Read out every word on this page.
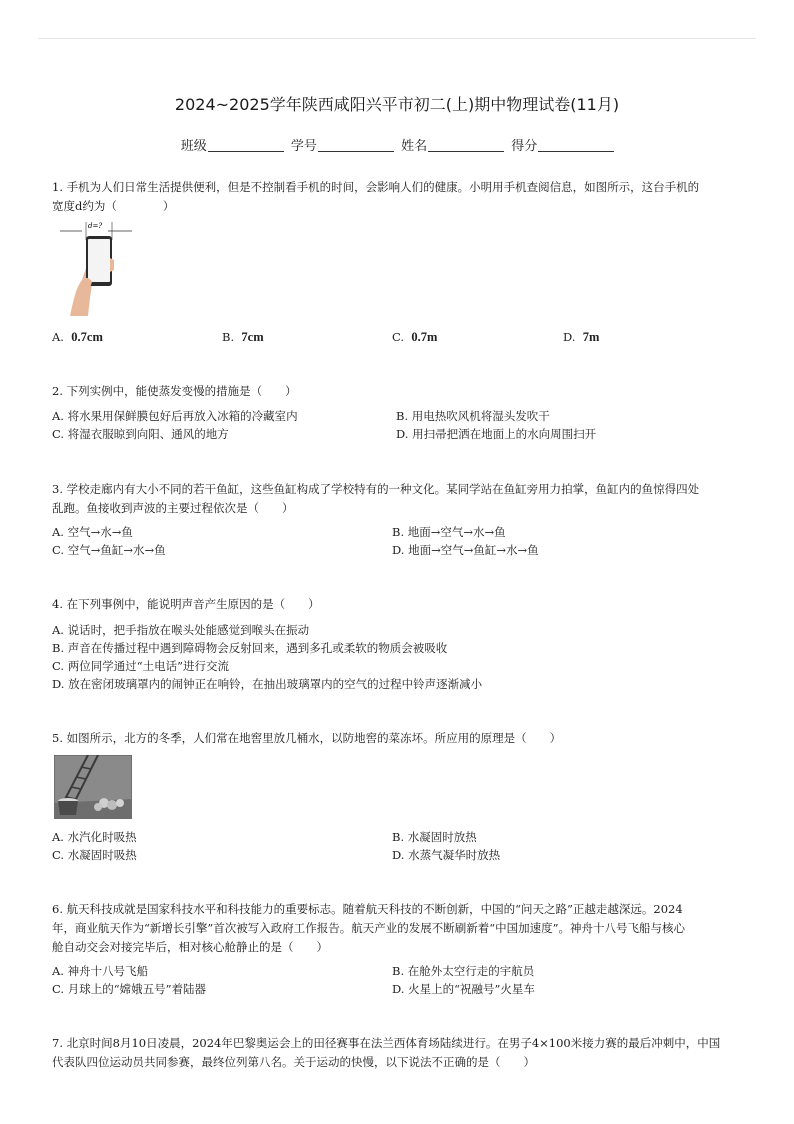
2024~2025学年陕西咸阳兴平市初二(上)期中物理试卷(11月)
班级	学号	姓名	得分
1. 手机为人们日常生活提供便利，但是不控制看手机的时间，会影响人们的健康。小明用手机查阅信息，如图所示，这台手机的
宽度d约为（　　　　）
d=?
A. 0.7cm	B. 7cm	C. 0.7m	D. 7m
2. 下列实例中，能使蒸发变慢的措施是（　　）
A. 将水果用保鲜膜包好后再放入冰箱的冷藏室内	B. 用电热吹风机将湿头发吹干
C. 将湿衣服晾到向阳、通风的地方	D. 用扫帚把洒在地面上的水向周围扫开
3. 学校走廊内有大小不同的若干鱼缸，这些鱼缸构成了学校特有的一种文化。某同学站在鱼缸旁用力拍掌，鱼缸内的鱼惊得四处
乱跑。鱼接收到声波的主要过程依次是（　　）
A. 空气→水→鱼	B. 地面→空气→水→鱼
C. 空气→鱼缸→水→鱼	D. 地面→空气→鱼缸→水→鱼
4. 在下列事例中，能说明声音产生原因的是（　　）
A. 说话时，把手指放在喉头处能感觉到喉头在振动
B. 声音在传播过程中遇到障碍物会反射回来，遇到多孔或柔软的物质会被吸收
C. 两位同学通过“土电话”进行交流
D. 放在密闭玻璃罩内的闹钟正在响铃，在抽出玻璃罩内的空气的过程中铃声逐渐减小
5. 如图所示，北方的冬季，人们常在地窖里放几桶水，以防地窖的菜冻坏。所应用的原理是（　　）
A. 水汽化时吸热	B. 水凝固时放热
C. 水凝固时吸热	D. 水蒸气凝华时放热
6. 航天科技成就是国家科技水平和科技能力的重要标志。随着航天科技的不断创新，中国的“问天之路”正越走越深远。2024
年，商业航天作为“新增长引擎”首次被写入政府工作报告。航天产业的发展不断刷新着“中国加速度”。神舟十八号飞船与核心
舱自动交会对接完毕后，相对核心舱静止的是（　　）
A. 神舟十八号飞船	B. 在舱外太空行走的宇航员
C. 月球上的“嫦娥五号”着陆器	D. 火星上的“祝融号”火星车
7. 北京时间8月10日凌晨，2024年巴黎奥运会上的田径赛事在法兰西体育场陆续进行。在男子4×100米接力赛的最后冲刺中，中国
代表队四位运动员共同参赛，最终位列第八名。关于运动的快慢，以下说法不正确的是（　　）
